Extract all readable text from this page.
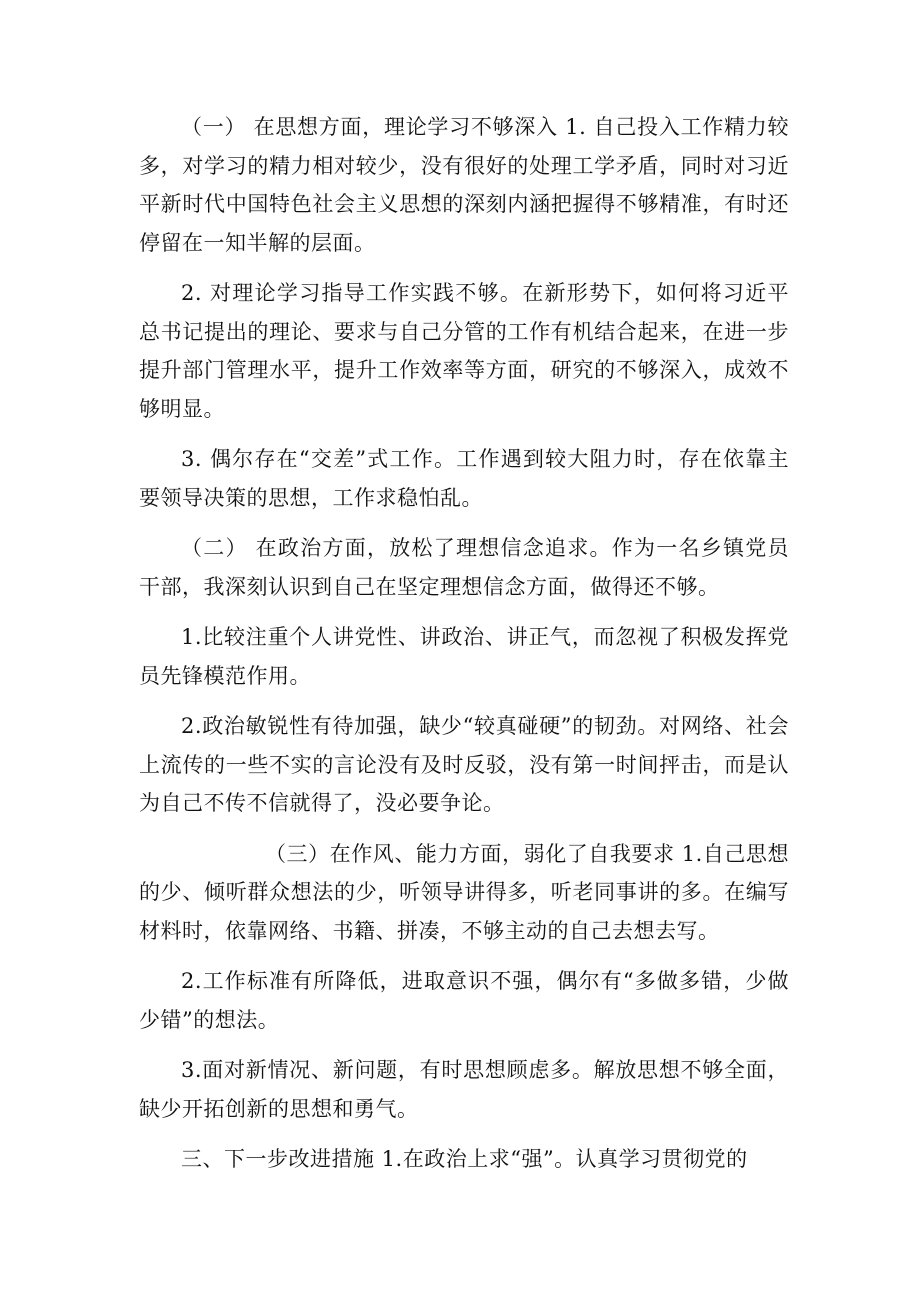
（一） 在思想方面，理论学习不够深入 1. 自己投入工作精力较多，对学习的精力相对较少，没有很好的处理工学矛盾，同时对习近平新时代中国特色社会主义思想的深刻内涵把握得不够精准，有时还停留在一知半解的层面。

2. 对理论学习指导工作实践不够。在新形势下，如何将习近平总书记提出的理论、要求与自己分管的工作有机结合起来，在进一步提升部门管理水平，提升工作效率等方面，研究的不够深入，成效不够明显。

3. 偶尔存在“交差”式工作。工作遇到较大阻力时，存在依靠主要领导决策的思想，工作求稳怕乱。

（二） 在政治方面，放松了理想信念追求。作为一名乡镇党员干部，我深刻认识到自己在坚定理想信念方面，做得还不够。

1.比较注重个人讲党性、讲政治、讲正气，而忽视了积极发挥党员先锋模范作用。

2.政治敏锐性有待加强，缺少“较真碰硬”的韧劲。对网络、社会上流传的一些不实的言论没有及时反驳，没有第一时间抨击，而是认为自己不传不信就得了，没必要争论。

（三）在作风、能力方面，弱化了自我要求 1.自己思想的少、倾听群众想法的少，听领导讲得多，听老同事讲的多。在编写材料时，依靠网络、书籍、拼凑，不够主动的自己去想去写。

2.工作标准有所降低，进取意识不强，偶尔有“多做多错，少做少错”的想法。

3.面对新情况、新问题，有时思想顾虑多。解放思想不够全面，缺少开拓创新的思想和勇气。

三、下一步改进措施 1.在政治上求“强”。认真学习贯彻党的
